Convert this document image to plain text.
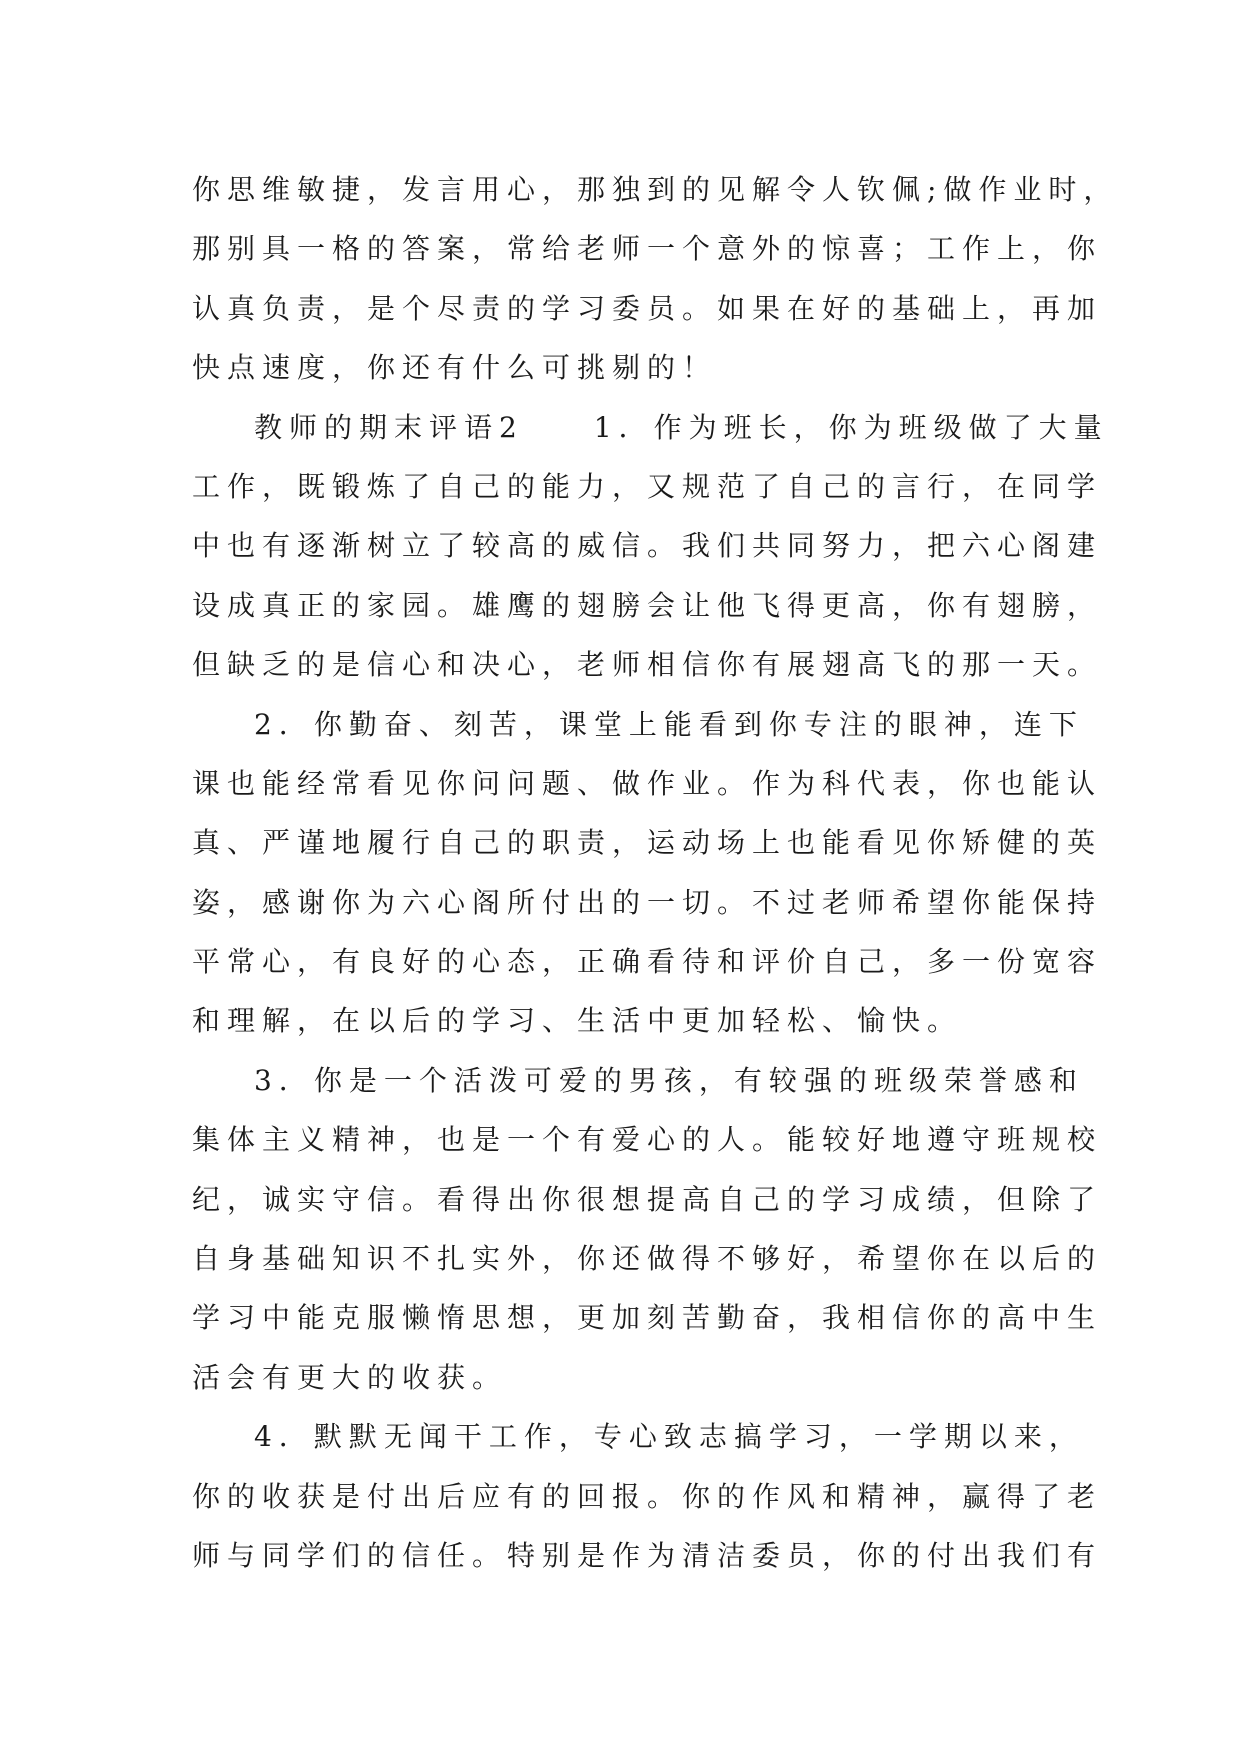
你思维敏捷，发言用心，那独到的见解令人钦佩;做作业时，
那别具一格的答案，常给老师一个意外的惊喜；工作上，你
认真负责，是个尽责的学习委员。如果在好的基础上，再加
快点速度，你还有什么可挑剔的！
教师的期末评语2　　1．作为班长，你为班级做了大量
工作，既锻炼了自己的能力，又规范了自己的言行，在同学
中也有逐渐树立了较高的威信。我们共同努力，把六心阁建
设成真正的家园。雄鹰的翅膀会让他飞得更高，你有翅膀，
但缺乏的是信心和决心，老师相信你有展翅高飞的那一天。
2．你勤奋、刻苦，课堂上能看到你专注的眼神，连下
课也能经常看见你问问题、做作业。作为科代表，你也能认
真、严谨地履行自己的职责，运动场上也能看见你矫健的英
姿，感谢你为六心阁所付出的一切。不过老师希望你能保持
平常心，有良好的心态，正确看待和评价自己，多一份宽容
和理解，在以后的学习、生活中更加轻松、愉快。
3．你是一个活泼可爱的男孩，有较强的班级荣誉感和
集体主义精神，也是一个有爱心的人。能较好地遵守班规校
纪，诚实守信。看得出你很想提高自己的学习成绩，但除了
自身基础知识不扎实外，你还做得不够好，希望你在以后的
学习中能克服懒惰思想，更加刻苦勤奋，我相信你的高中生
活会有更大的收获。
4．默默无闻干工作，专心致志搞学习，一学期以来，
你的收获是付出后应有的回报。你的作风和精神，赢得了老
师与同学们的信任。特别是作为清洁委员，你的付出我们有
